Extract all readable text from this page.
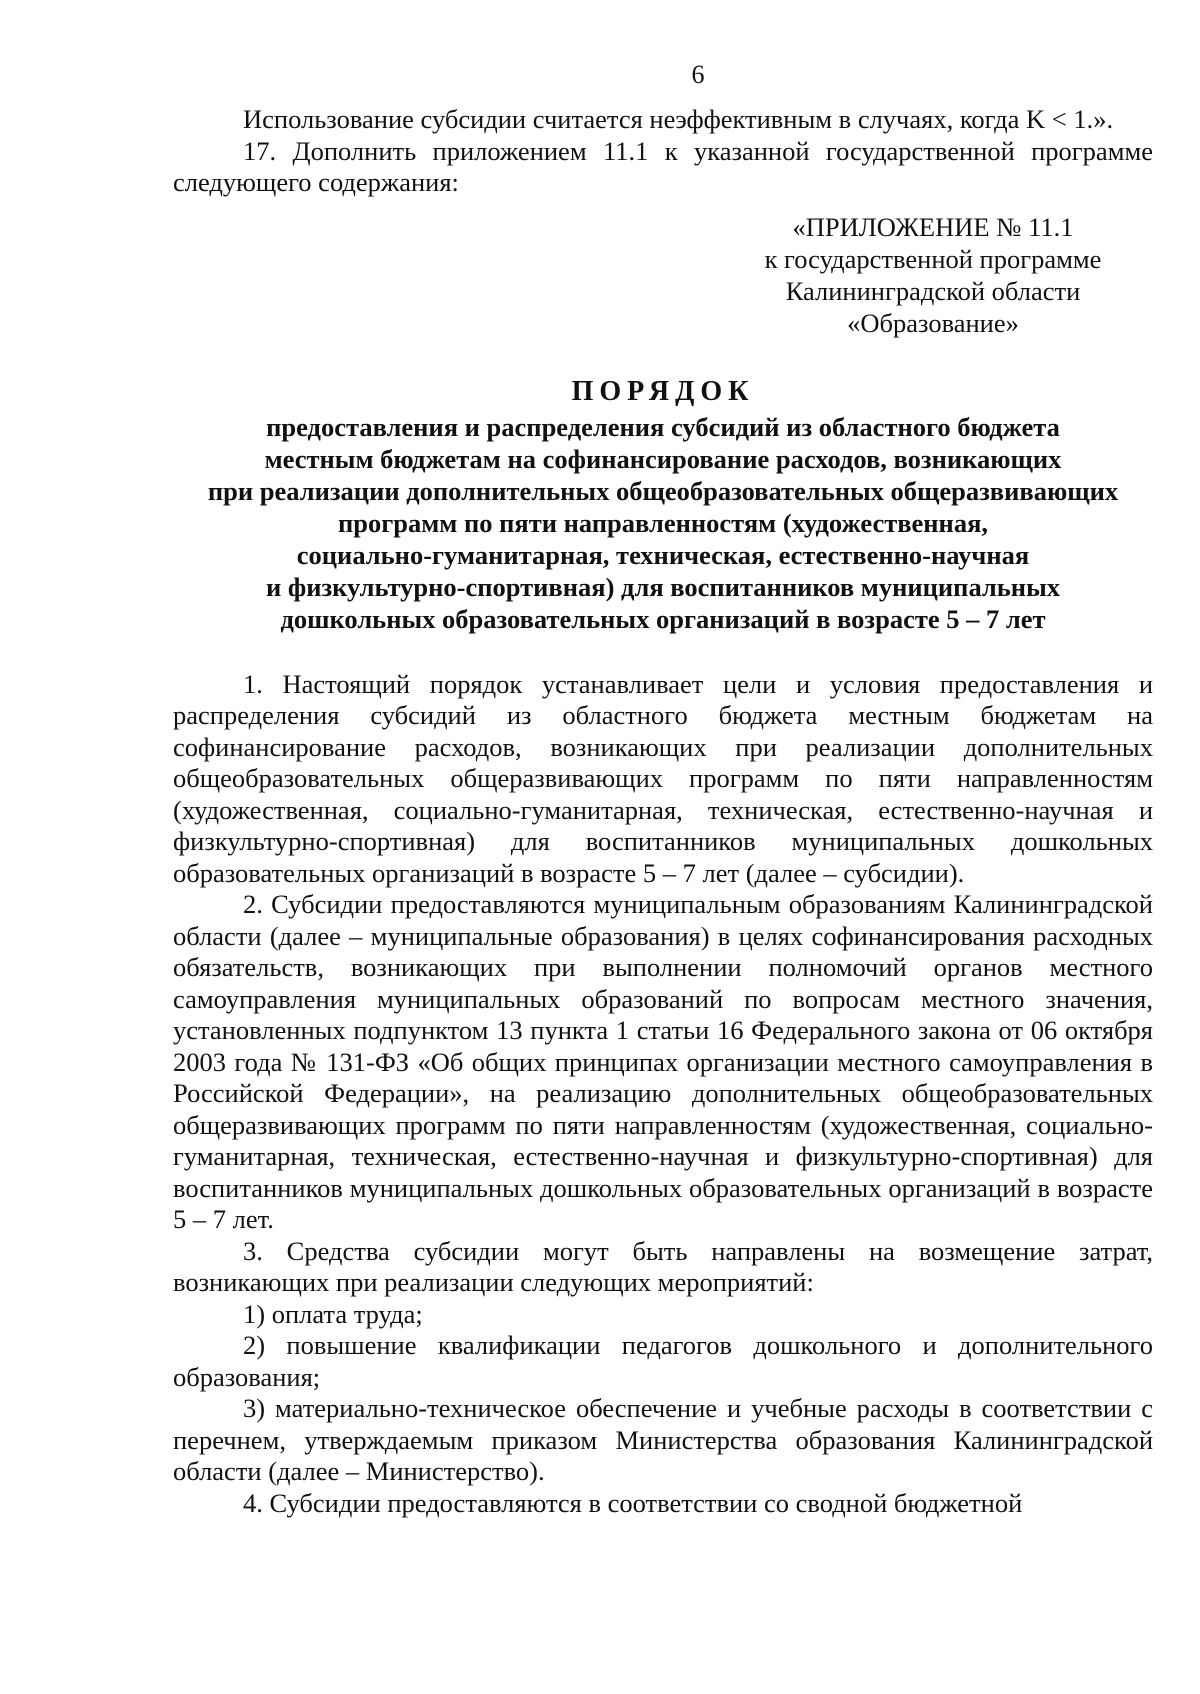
6

Использование субсидии считается неэффективным в случаях, когда K < 1.».

17. Дополнить приложением 11.1 к указанной государственной программе следующего содержания:

«ПРИЛОЖЕНИЕ № 11.1
к государственной программе
Калининградской области
«Образование»
ПОРЯДОК
предоставления и распределения субсидий из областного бюджета
местным бюджетам на софинансирование расходов, возникающих
при реализации дополнительных общеобразовательных общеразвивающих
программ по пяти направленностям (художественная,
социально-гуманитарная, техническая, естественно-научная
и физкультурно-спортивная) для воспитанников муниципальных
дошкольных образовательных организаций в возрасте 5 – 7 лет

1. Настоящий порядок устанавливает цели и условия предоставления и распределения субсидий из областного бюджета местным бюджетам на софинансирование расходов, возникающих при реализации дополнительных общеобразовательных общеразвивающих программ по пяти направленностям (художественная, социально-гуманитарная, техническая, естественно-научная и физкультурно-спортивная) для воспитанников муниципальных дошкольных образовательных организаций в возрасте 5 – 7 лет (далее – субсидии).

2. Субсидии предоставляются муниципальным образованиям Калининградской области (далее – муниципальные образования) в целях софинансирования расходных обязательств, возникающих при выполнении полномочий органов местного самоуправления муниципальных образований по вопросам местного значения, установленных подпунктом 13 пункта 1 статьи 16 Федерального закона от 06 октября 2003 года № 131-ФЗ «Об общих принципах организации местного самоуправления в Российской Федерации», на реализацию дополнительных общеобразовательных общеразвивающих программ по пяти направленностям (художественная, социально-гуманитарная, техническая, естественно-научная и физкультурно-спортивная) для воспитанников муниципальных дошкольных образовательных организаций в возрасте 5 – 7 лет.

3. Средства субсидии могут быть направлены на возмещение затрат, возникающих при реализации следующих мероприятий:

1) оплата труда;

2) повышение квалификации педагогов дошкольного и дополнительного образования;

3) материально-техническое обеспечение и учебные расходы в соответствии с перечнем, утверждаемым приказом Министерства образования Калининградской области (далее – Министерство).

4. Субсидии предоставляются в соответствии со сводной бюджетной
